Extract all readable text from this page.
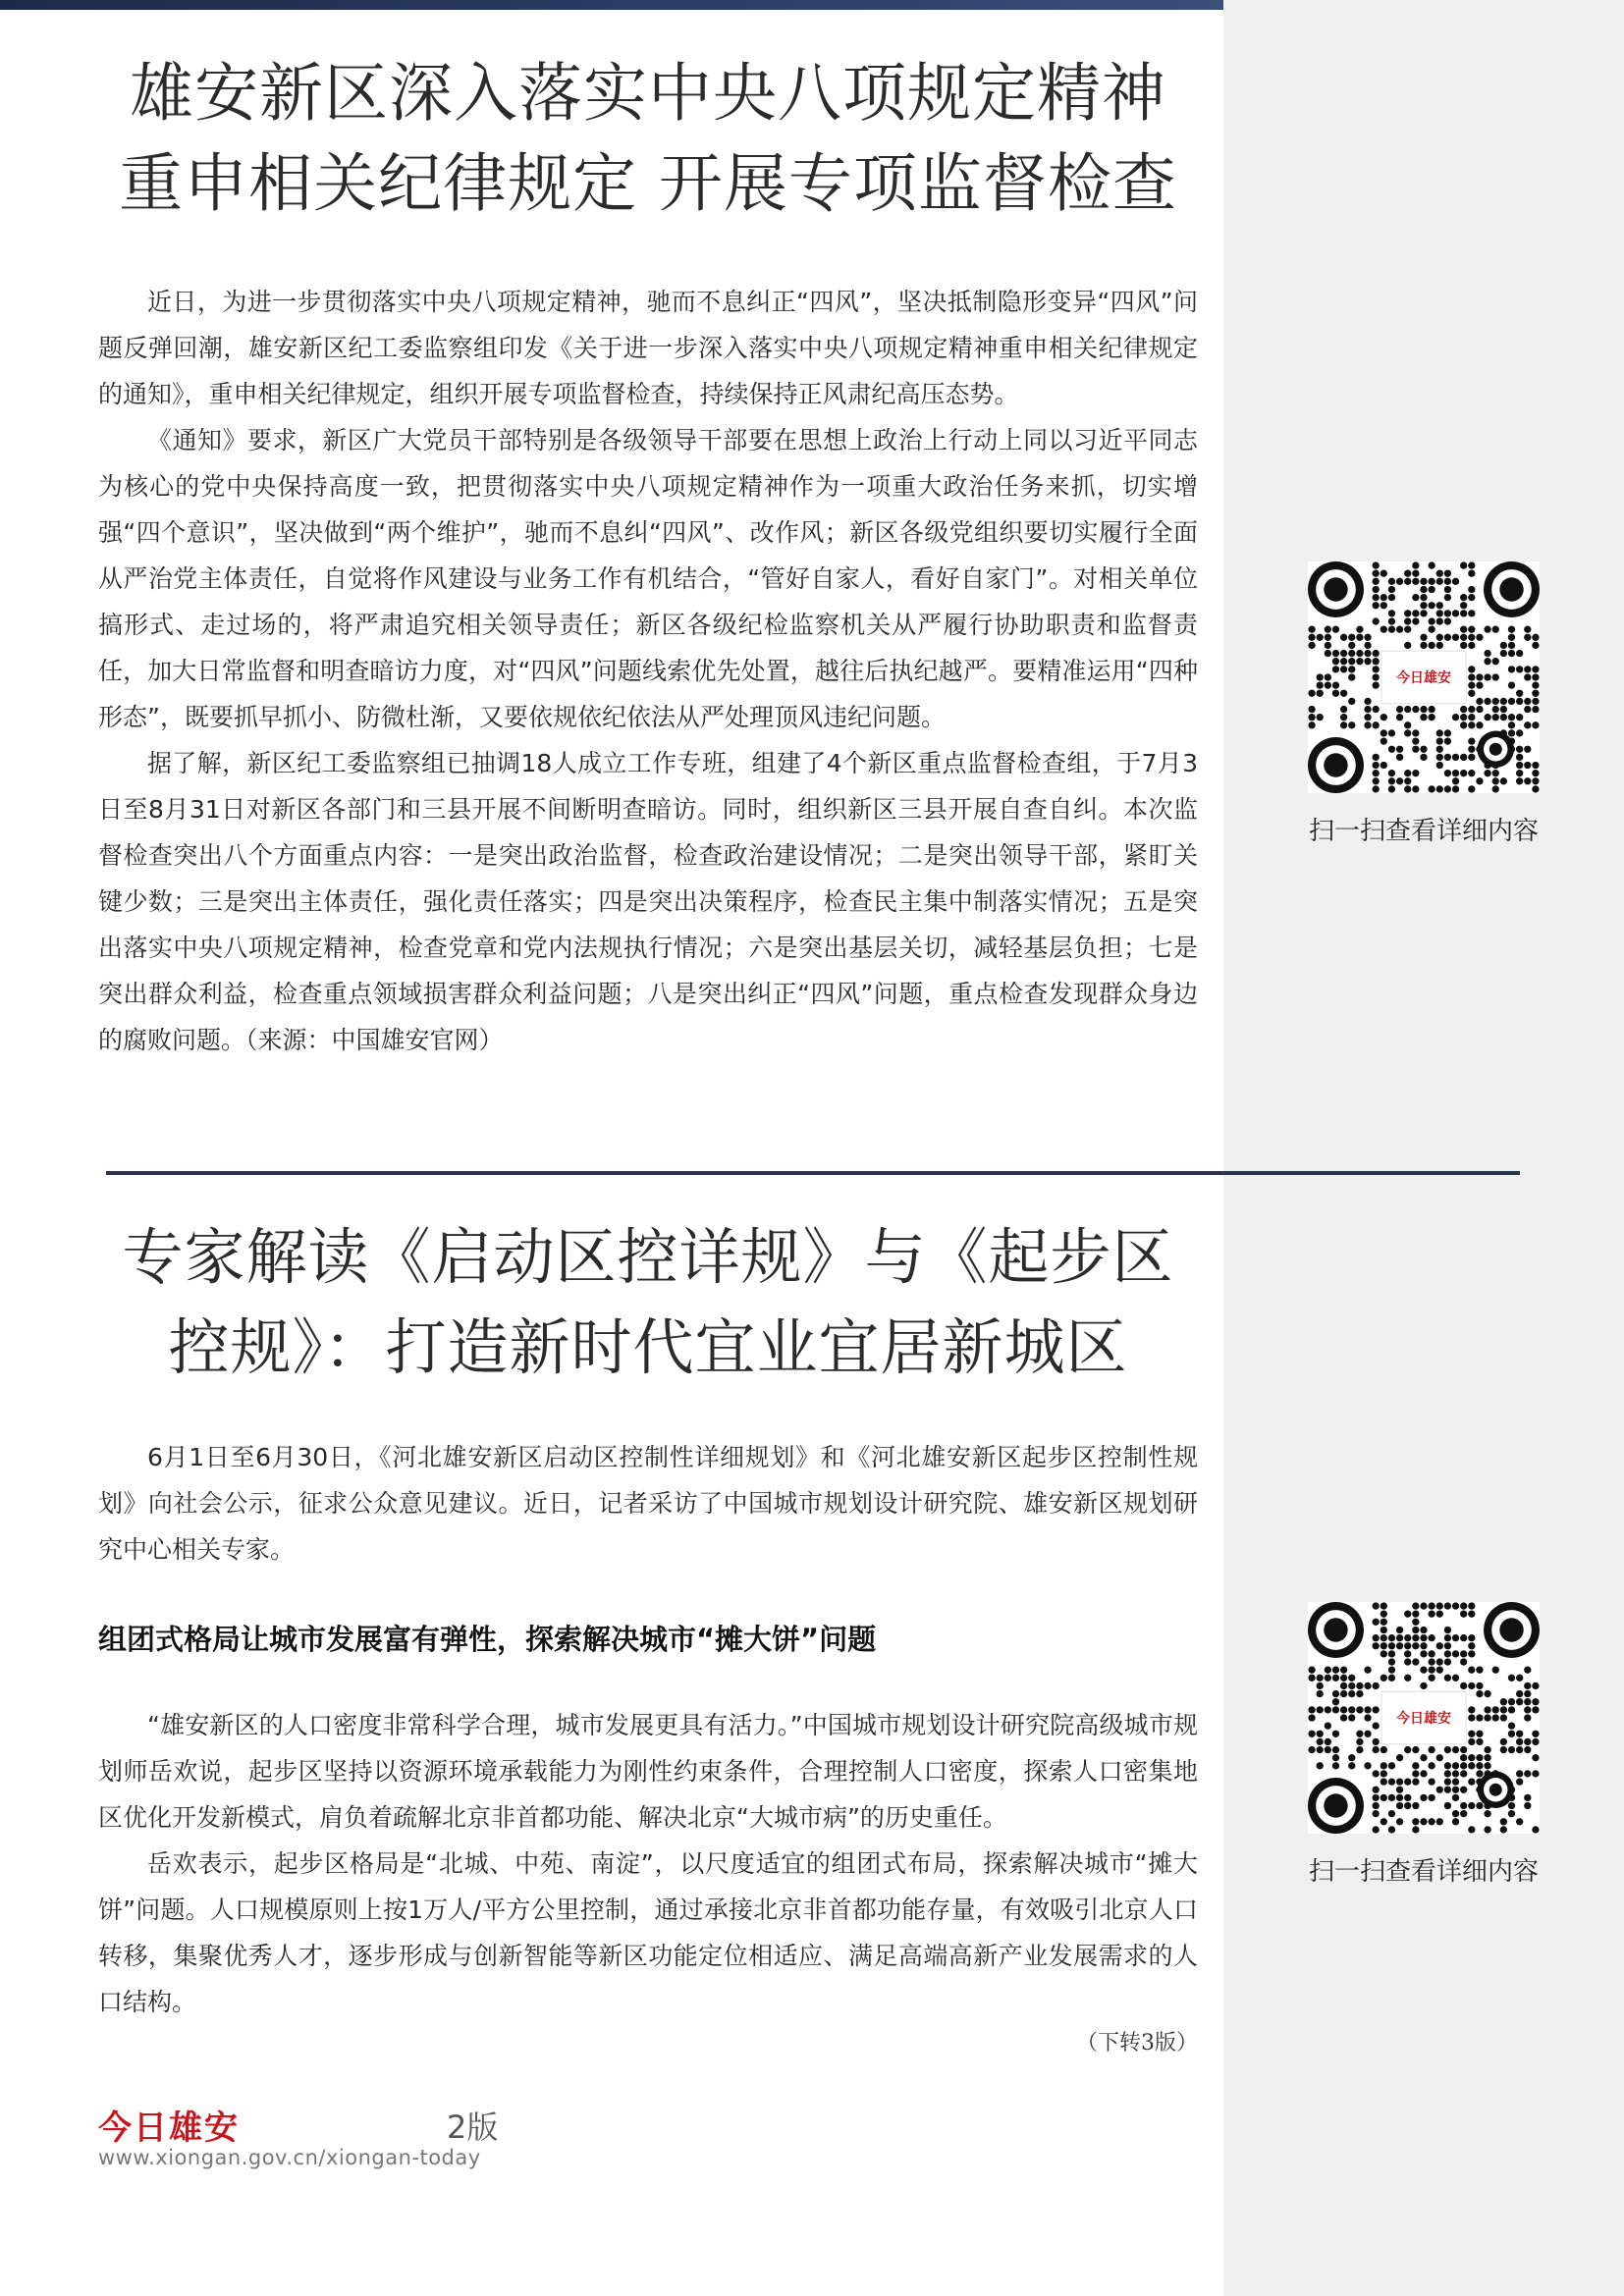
雄安新区深入落实中央八项规定精神
重申相关纪律规定 开展专项监督检查

近日，为进一步贯彻落实中央八项规定精神，驰而不息纠正“四风”，坚决抵制隐形变异“四风”问题反弹回潮，雄安新区纪工委监察组印发《关于进一步深入落实中央八项规定精神重申相关纪律规定的通知》，重申相关纪律规定，组织开展专项监督检查，持续保持正风肃纪高压态势。

《通知》要求，新区广大党员干部特别是各级领导干部要在思想上政治上行动上同以习近平同志为核心的党中央保持高度一致，把贯彻落实中央八项规定精神作为一项重大政治任务来抓，切实增强“四个意识”，坚决做到“两个维护”，驰而不息纠“四风”、改作风；新区各级党组织要切实履行全面从严治党主体责任，自觉将作风建设与业务工作有机结合，“管好自家人，看好自家门”。对相关单位搞形式、走过场的，将严肃追究相关领导责任；新区各级纪检监察机关从严履行协助职责和监督责任，加大日常监督和明查暗访力度，对“四风”问题线索优先处置，越往后执纪越严。要精准运用“四种形态”，既要抓早抓小、防微杜渐，又要依规依纪依法从严处理顶风违纪问题。

据了解，新区纪工委监察组已抽调18人成立工作专班，组建了4个新区重点监督检查组，于7月3日至8月31日对新区各部门和三县开展不间断明查暗访。同时，组织新区三县开展自查自纠。本次监督检查突出八个方面重点内容：一是突出政治监督，检查政治建设情况；二是突出领导干部，紧盯关键少数；三是突出主体责任，强化责任落实；四是突出决策程序，检查民主集中制落实情况；五是突出落实中央八项规定精神，检查党章和党内法规执行情况；六是突出基层关切，减轻基层负担；七是突出群众利益，检查重点领域损害群众利益问题；八是突出纠正“四风”问题，重点检查发现群众身边的腐败问题。（来源：中国雄安官网）

专家解读《启动区控详规》与《起步区
控规》：打造新时代宜业宜居新城区

6月1日至6月30日，《河北雄安新区启动区控制性详细规划》和《河北雄安新区起步区控制性规划》向社会公示，征求公众意见建议。近日，记者采访了中国城市规划设计研究院、雄安新区规划研究中心相关专家。

组团式格局让城市发展富有弹性，探索解决城市“摊大饼”问题

“雄安新区的人口密度非常科学合理，城市发展更具有活力。”中国城市规划设计研究院高级城市规划师岳欢说，起步区坚持以资源环境承载能力为刚性约束条件，合理控制人口密度，探索人口密集地区优化开发新模式，肩负着疏解北京非首都功能、解决北京“大城市病”的历史重任。

岳欢表示，起步区格局是“北城、中苑、南淀”，以尺度适宜的组团式布局，探索解决城市“摊大饼”问题。人口规模原则上按1万人/平方公里控制，通过承接北京非首都功能存量，有效吸引北京人口转移，集聚优秀人才，逐步形成与创新智能等新区功能定位相适应、满足高端高新产业发展需求的人口结构。

（下转3版）
今日雄安
扫一扫查看详细内容
今日雄安
扫一扫查看详细内容
今日雄安	2版
www.xiongan.gov.cn/xiongan-today
